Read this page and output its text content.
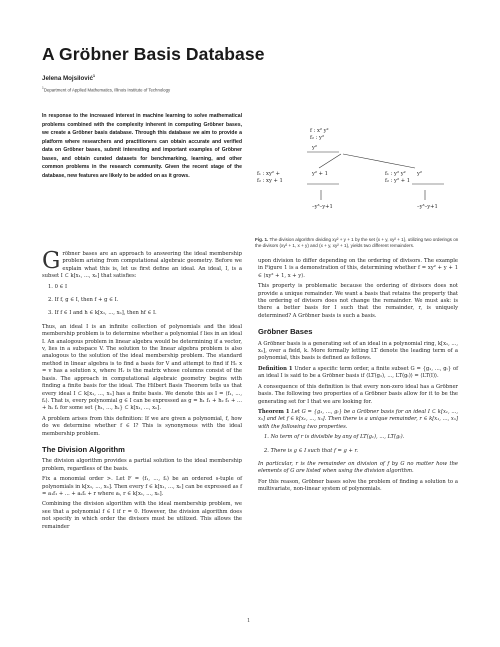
A Gröbner Basis Database
Jelena Mojsilović$^1$
$^1$Department of Applied Mathematics, Illinois Institute of Technology

In response to the increased interest in machine learning to solve mathematical problems combined with the complexity inherent in computing Gröbner bases, we create a Gröbner basis database. Through this database we aim to provide a platform where researchers and practitioners can obtain accurate and verified data on Gröbner bases, submit interesting and important examples of Gröbner bases, and obtain curated datasets for benchmarking, learning, and other common problems in the research community. Given the recent stage of the database, new features are likely to be added on as it grows.

f : x² y²
f₂ : y²
y²
f₁ : xy² +
f₂ : xy + 1
f₁ : y² y²
f₂ : y² + 1
y² + 1	y²
–y³–y+1	–y³–y+1

Fig. 1. The division algorithm dividing xy² + y + 1 by the set {x + y, xy² + 1}, utilizing two orderings on the divisors (xy² + 1, x + y) and (x + y, xy² + 1), yields two different remainders.

Gröbner bases are an approach to answering the ideal membership problem arising from computational algebraic geometry. Before we explain what this is, let us first define an ideal. An ideal, I, is a subset I ⊂ k[x₁, ..., xₙ] that satisfies:

1. 0 ∈ I
2. If f, g ∈ I, then f + g ∈ I.
3. If f ∈ I and h ∈ k[x₁, ..., xₙ], then hf ∈ I.

Thus, an ideal I is an infinite collection of polynomials and the ideal membership problem is to determine whether a polynomial f lies in an ideal I. An analogous problem in linear algebra would be determining if a vector, v, lies in a subspace V. The solution to the linear algebra problem is also analogous to the solution of the ideal membership problem. The standard method in linear algebra is to find a basis for V and attempt to find if Hᵥ x = v has a solution x, where Hᵥ is the matrix whose columns consist of the basis. The approach in computational algebraic geometry begins with finding a finite basis for the ideal. The Hilbert Basis Theorem tells us that every ideal I ⊂ k[x₁, ..., xₙ] has a finite basis. We denote this as I = ⟨f₁, ..., fₛ⟩. That is, every polynomial g ∈ I can be expressed as g = h₁ f₁ + h₂ f₂ + ... + hₛ fₛ for some set {h₁, ..., hₛ} ⊂ k[x₁, ..., xₙ].

A problem arises from this definition: If we are given a polynomial, f, how do we determine whether f ∈ I? This is synonymous with the ideal membership problem.

The Division Algorithm

The division algorithm provides a partial solution to the ideal membership problem, regardless of the basis.

Fix a monomial order >. Let F = (f₁, ..., fₛ) be an ordered s-tuple of polynomials in k[x₁, ..., xₙ]. Then every f ∈ k[x₁, ..., xₙ] can be expressed as f = a₁f₁ + ... + aₛfₛ + r where aᵢ, r ∈ k[x₁, ..., xₙ].

Combining the division algorithm with the ideal membership problem, we see that a polynomial f ∈ I if r = 0. However, the division algorithm does not specify in which order the divisors must be utilized. This allows the remainder

upon division to differ depending on the ordering of divisors. The example in Figure 1 is a demonstration of this, determining whether f = xy² + y + 1 ∈ ⟨xy² + 1, x + y⟩.

This property is problematic because the ordering of divisors does not provide a unique remainder. We want a basis that retains the property that the ordering of divisors does not change the remainder. We must ask: is there a better basis for I such that the remainder, r, is uniquely determined? A Gröbner basis is such a basis.

Gröbner Bases

A Gröbner basis is a generating set of an ideal in a polynomial ring, k[x₁, ..., xₙ], over a field, k. More formally letting LT denote the leading term of a polynomial, this basis is defined as follows.

Definition 1 Under a specific term order, a finite subset G = {g₁, ..., gₜ} of an ideal I is said to be a Gröbner basis if ⟨LT(g₁), ..., LT(gₜ)⟩ = ⟨LT(I)⟩.

A consequence of this definition is that every non-zero ideal has a Gröbner basis. The following two properties of a Gröbner basis allow for it to be the generating set for I that we are looking for.

Theorem 1 Let G = {g₁, ..., gₜ} be a Gröbner basis for an ideal I ⊂ k[x₁, ..., xₙ] and let f ∈ k[x₁, ..., xₙ]. Then there is a unique remainder, r ∈ k[x₁, ..., xₙ] with the following two properties.

1. No term of r is divisible by any of LT(g₁), ..., LT(gₜ).
2. There is g ∈ I such that f = g + r.

In particular, r is the remainder on division of f by G no matter how the elements of G are listed when using the division algorithm.

For this reason, Gröbner bases solve the problem of finding a solution to a multivariate, non-linear system of polynomials.

1
